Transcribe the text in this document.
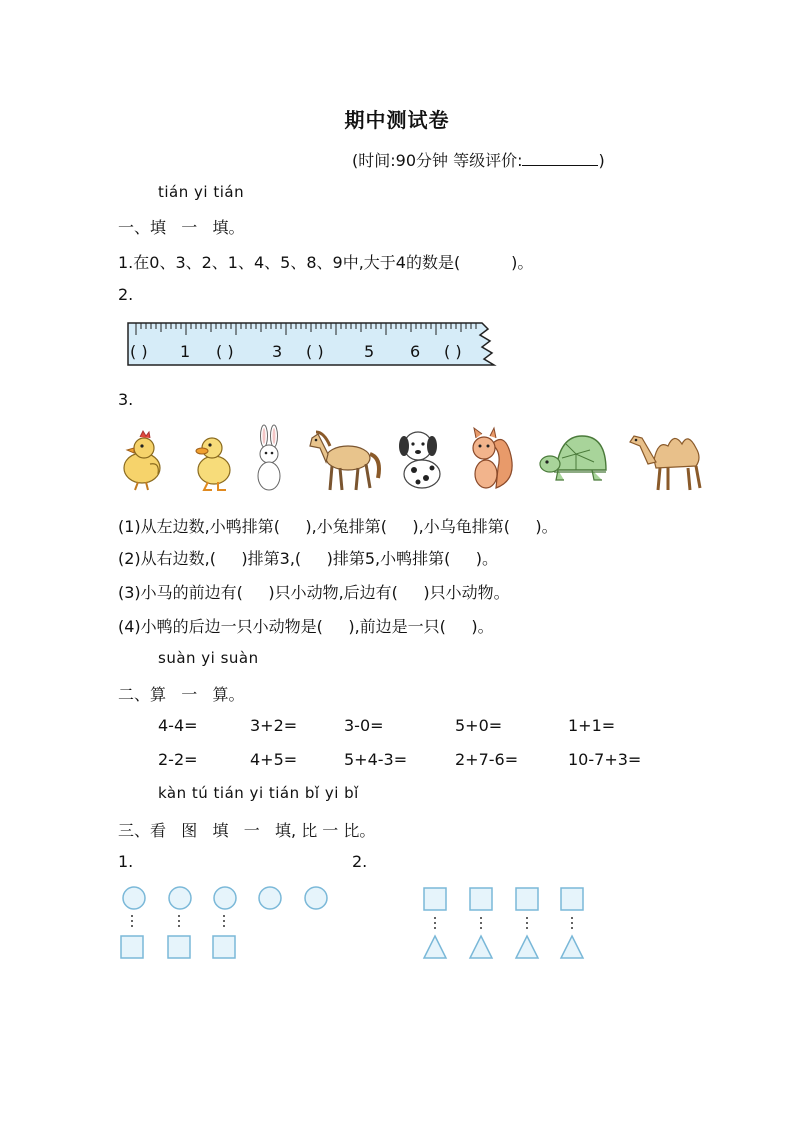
期中测试卷
(时间:90分钟 等级评价:	)
tián yi tián
一、填   一   填。
1.在0、3、2、1、4、5、8、9中,大于4的数是(          )。
2.
( ) 1 ( ) 3 ( )	5 6 ( )
3.
(1)从左边数,小鸭排第(     ),小兔排第(     ),小乌龟排第(     )。
(2)从右边数,(     )排第3,(     )排第5,小鸭排第(     )。
(3)小马的前边有(     )只小动物,后边有(     )只小动物。
(4)小鸭的后边一只小动物是(     ),前边是一只(     )。
suàn yi suàn
二、算   一   算。
4-4=	3+2=	3-0=	5+0=	1+1=
2-2=	4+5=	5+4-3=	2+7-6=	10-7+3=
kàn tú tián yi tián bǐ yi bǐ
三、看   图   填   一   填, 比 一 比。
1.	2.
